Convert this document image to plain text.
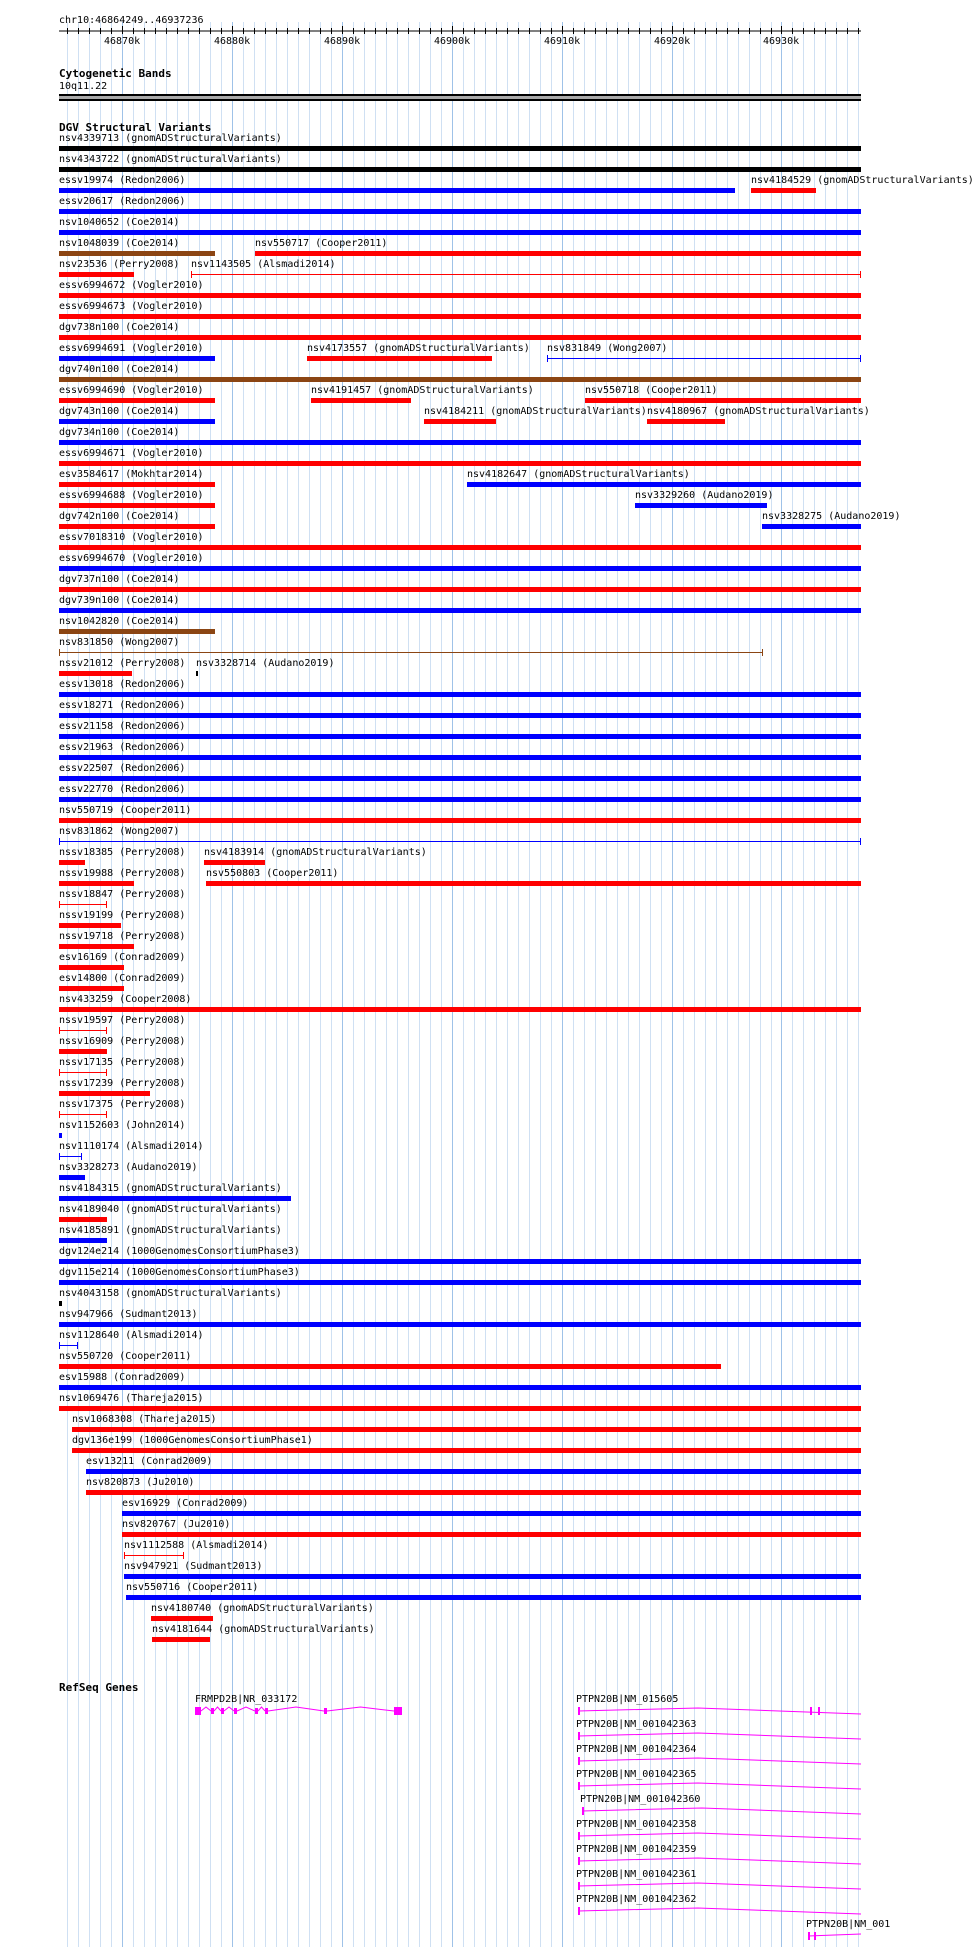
46870k	46880k	46890k	46900k	46910k	46920k	46930k
chr10:46864249..46937236
Cytogenetic Bands
10q11.22
DGV Structural Variants
nsv4339713 (gnomADStructuralVariants)
nsv4343722 (gnomADStructuralVariants)
essv19974 (Redon2006)	nsv4184529 (gnomADStructuralVariants)
essv20617 (Redon2006)
nsv1040652 (Coe2014)
nsv1048039 (Coe2014)	nsv550717 (Cooper2011)
nsv23536 (Perry2008) nsv1143505 (Alsmadi2014)
essv6994672 (Vogler2010)
essv6994673 (Vogler2010)
dgv738n100 (Coe2014)
essv6994691 (Vogler2010)	nsv4173557 (gnomADStructuralVariants) nsv831849 (Wong2007)
dgv740n100 (Coe2014)
essv6994690 (Vogler2010)	nsv4191457 (gnomADStructuralVariants)	nsv550718 (Cooper2011)
dgv743n100 (Coe2014)	nsv4184211 (gnomADStructuralVariants) nsv4180967 (gnomADStructuralVariants)
dgv734n100 (Coe2014)
essv6994671 (Vogler2010)
esv3584617 (Mokhtar2014)	nsv4182647 (gnomADStructuralVariants)
essv6994688 (Vogler2010)	nsv3329260 (Audano2019)
dgv742n100 (Coe2014)	nsv3328275 (Audano2019)
essv7018310 (Vogler2010)
essv6994670 (Vogler2010)
dgv737n100 (Coe2014)
dgv739n100 (Coe2014)
nsv1042820 (Coe2014)
nsv831850 (Wong2007)
nssv21012 (Perry2008) nsv3328714 (Audano2019)
essv13018 (Redon2006)
essv18271 (Redon2006)
essv21158 (Redon2006)
essv21963 (Redon2006)
essv22507 (Redon2006)
essv22770 (Redon2006)
nsv550719 (Cooper2011)
nsv831862 (Wong2007)
nssv18385 (Perry2008) nsv4183914 (gnomADStructuralVariants)
nssv19988 (Perry2008) nsv550803 (Cooper2011)
nssv18847 (Perry2008)
nssv19199 (Perry2008)
nssv19718 (Perry2008)
esv16169 (Conrad2009)
esv14800 (Conrad2009)
nsv433259 (Cooper2008)
nssv19597 (Perry2008)
nssv16909 (Perry2008)
nssv17135 (Perry2008)
nssv17239 (Perry2008)
nssv17375 (Perry2008)
nsv1152603 (John2014)
nsv1110174 (Alsmadi2014)
nsv3328273 (Audano2019)
nsv4184315 (gnomADStructuralVariants)
nsv4189040 (gnomADStructuralVariants)
nsv4185891 (gnomADStructuralVariants)
dgv124e214 (1000GenomesConsortiumPhase3)
dgv115e214 (1000GenomesConsortiumPhase3)
nsv4043158 (gnomADStructuralVariants)
nsv947966 (Sudmant2013)
nsv1128640 (Alsmadi2014)
nsv550720 (Cooper2011)
esv15988 (Conrad2009)
nsv1069476 (Thareja2015)
nsv1068308 (Thareja2015)
dgv136e199 (1000GenomesConsortiumPhase1)
esv13211 (Conrad2009)
nsv820873 (Ju2010)
esv16929 (Conrad2009)
nsv820767 (Ju2010)
nsv1112588 (Alsmadi2014)
nsv947921 (Sudmant2013)
nsv550716 (Cooper2011)
nsv4180740 (gnomADStructuralVariants)
nsv4181644 (gnomADStructuralVariants)
RefSeq Genes
FRMPD2B|NR_033172	PTPN20B|NM_015605
PTPN20B|NM_001042363
PTPN20B|NM_001042364
PTPN20B|NM_001042365
PTPN20B|NM_001042360
PTPN20B|NM_001042358
PTPN20B|NM_001042359
PTPN20B|NM_001042361
PTPN20B|NM_001042362
PTPN20B|NM_001
